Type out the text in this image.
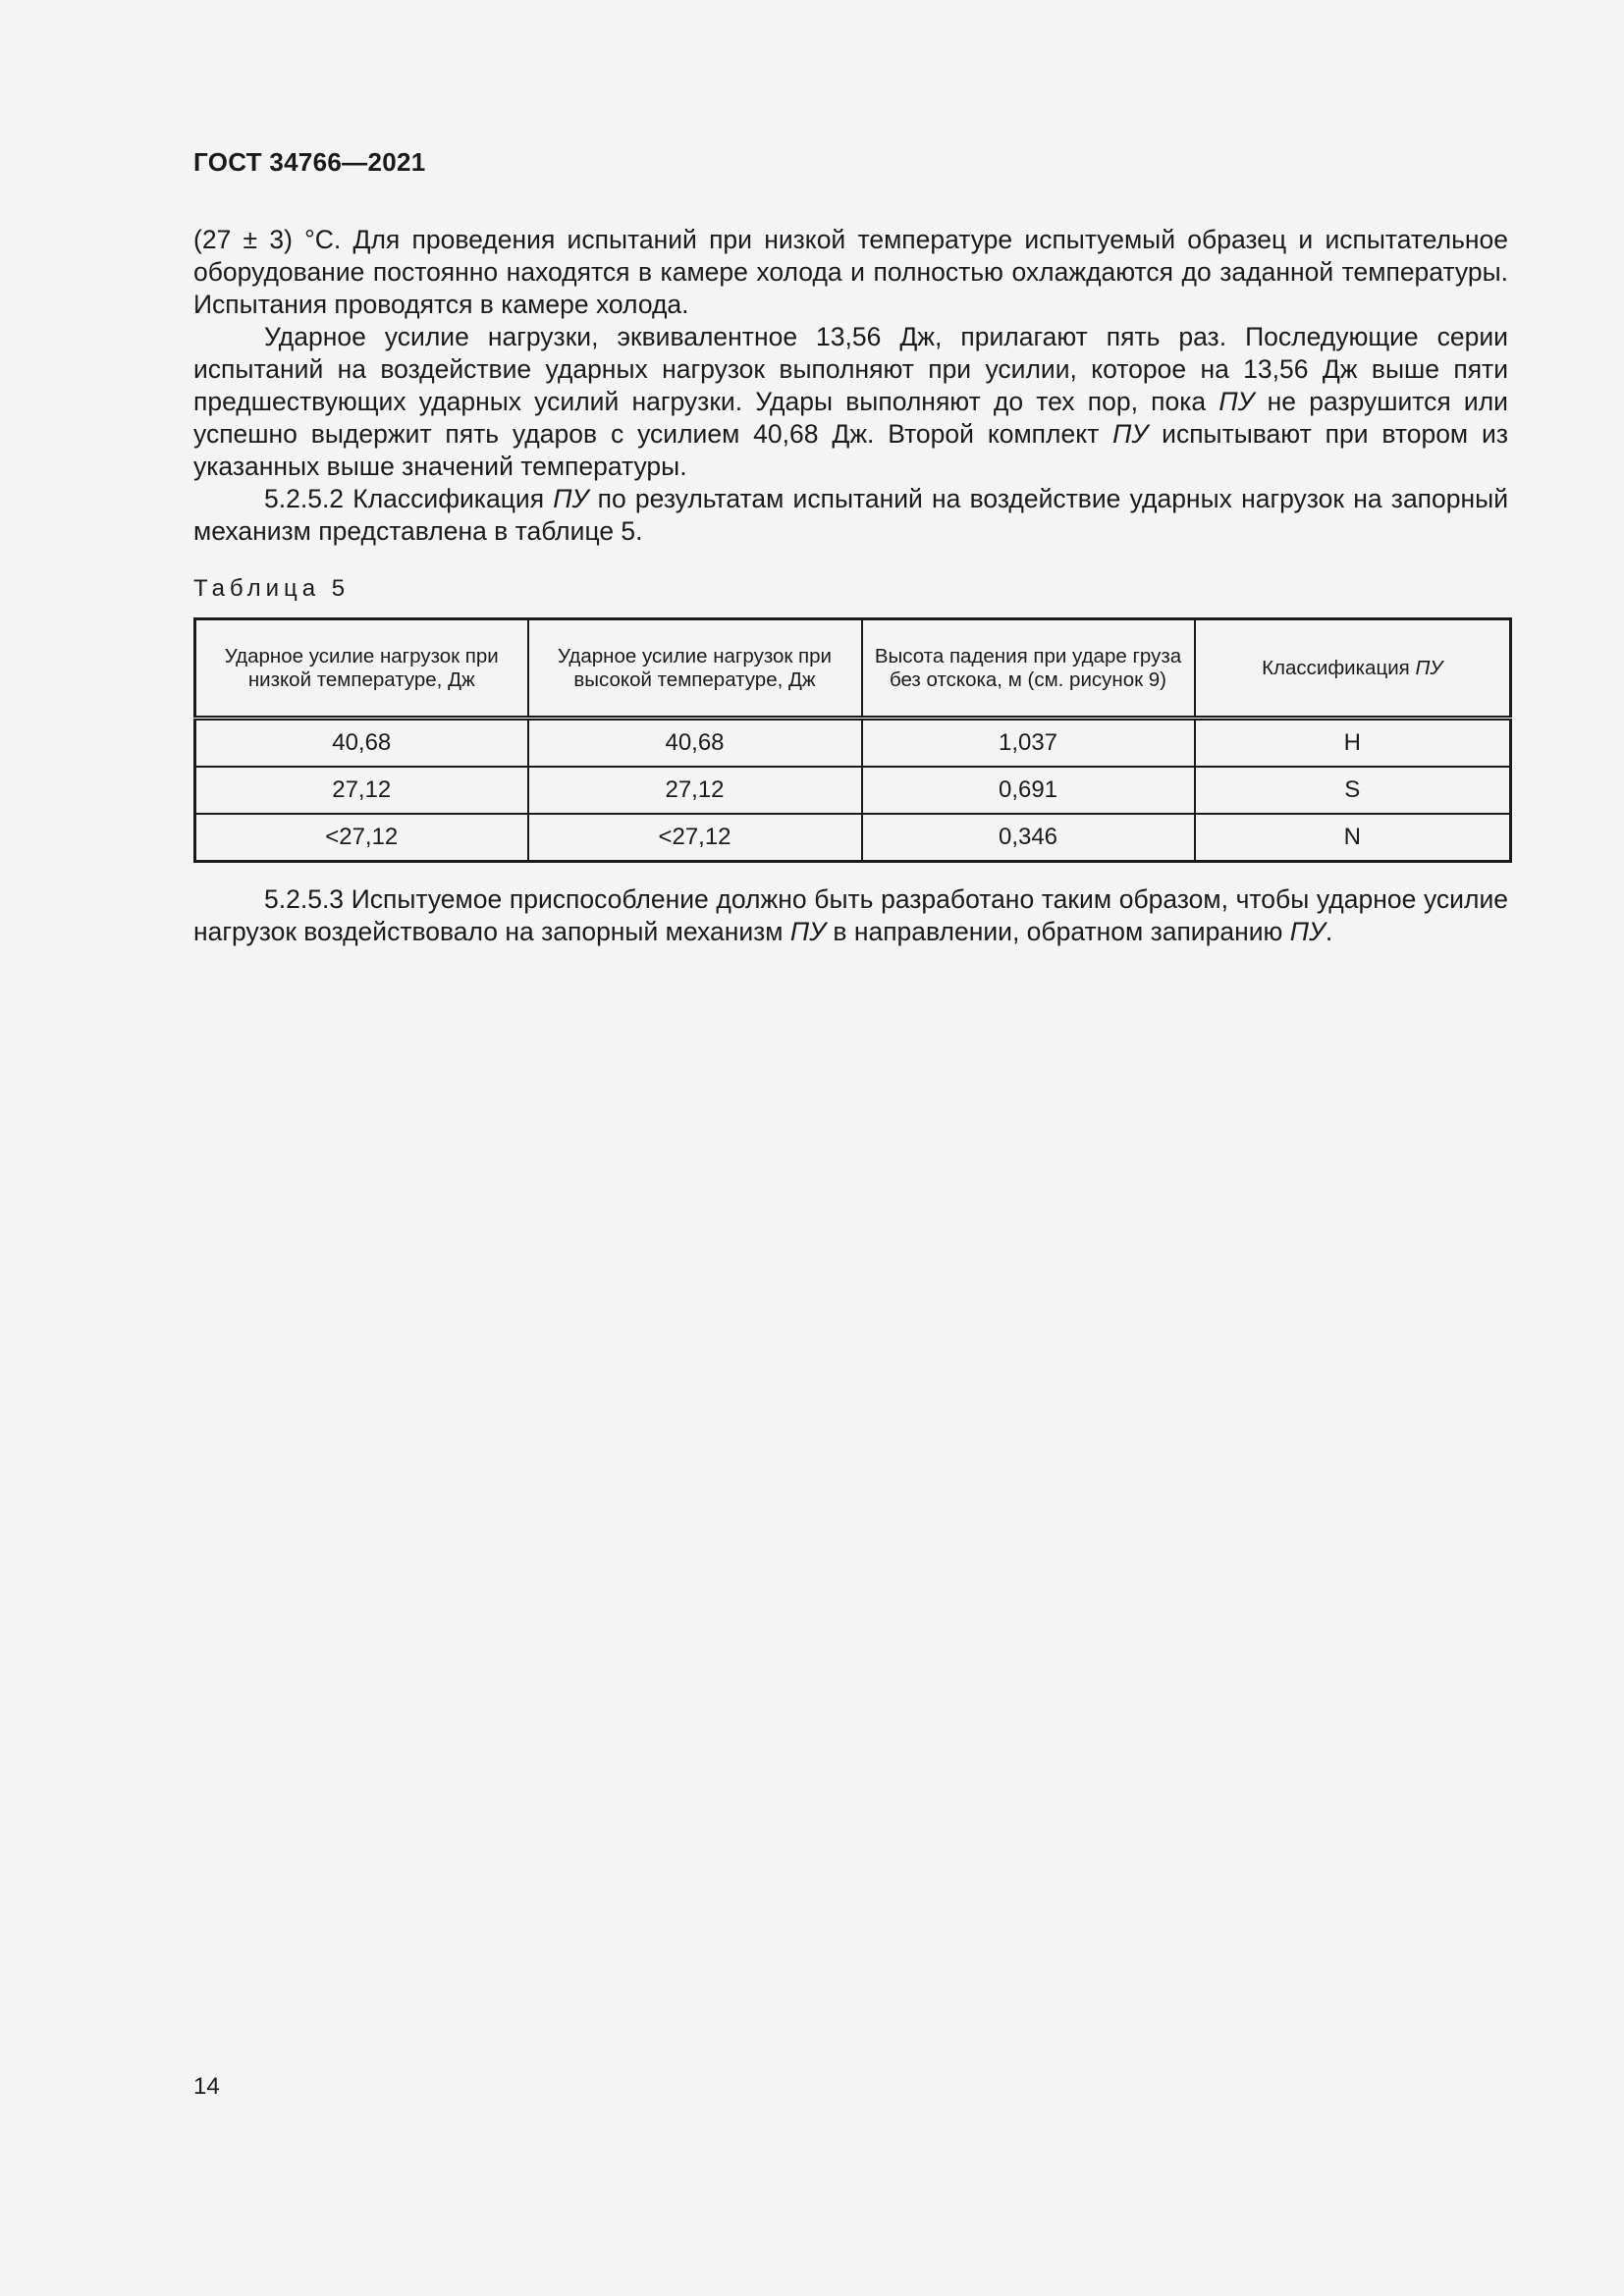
ГОСТ 34766—2021

(27 ± 3) °С. Для проведения испытаний при низкой температуре испытуемый образец и испытательное оборудование постоянно находятся в камере холода и полностью охлаждаются до заданной температуры. Испытания проводятся в камере холода.

Ударное усилие нагрузки, эквивалентное 13,56 Дж, прилагают пять раз. Последующие серии испытаний на воздействие ударных нагрузок выполняют при усилии, которое на 13,56 Дж выше пяти предшествующих ударных усилий нагрузки. Удары выполняют до тех пор, пока ПУ не разрушится или успешно выдержит пять ударов с усилием 40,68 Дж. Второй комплект ПУ испытывают при втором из указанных выше значений температуры.

5.2.5.2 Классификация ПУ по результатам испытаний на воздействие ударных нагрузок на запорный механизм представлена в таблице 5.

Таблица 5
Ударное усилие нагрузок при низкой температуре, Дж	Ударное усилие нагрузок при высокой температуре, Дж	Высота падения при ударе груза без отскока, м (см. рисунок 9)	Классификация ПУ
40,68	40,68	1,037	H
27,12	27,12	0,691	S
<27,12	<27,12	0,346	N

5.2.5.3 Испытуемое приспособление должно быть разработано таким образом, чтобы ударное усилие нагрузок воздействовало на запорный механизм ПУ в направлении, обратном запиранию ПУ.

14
